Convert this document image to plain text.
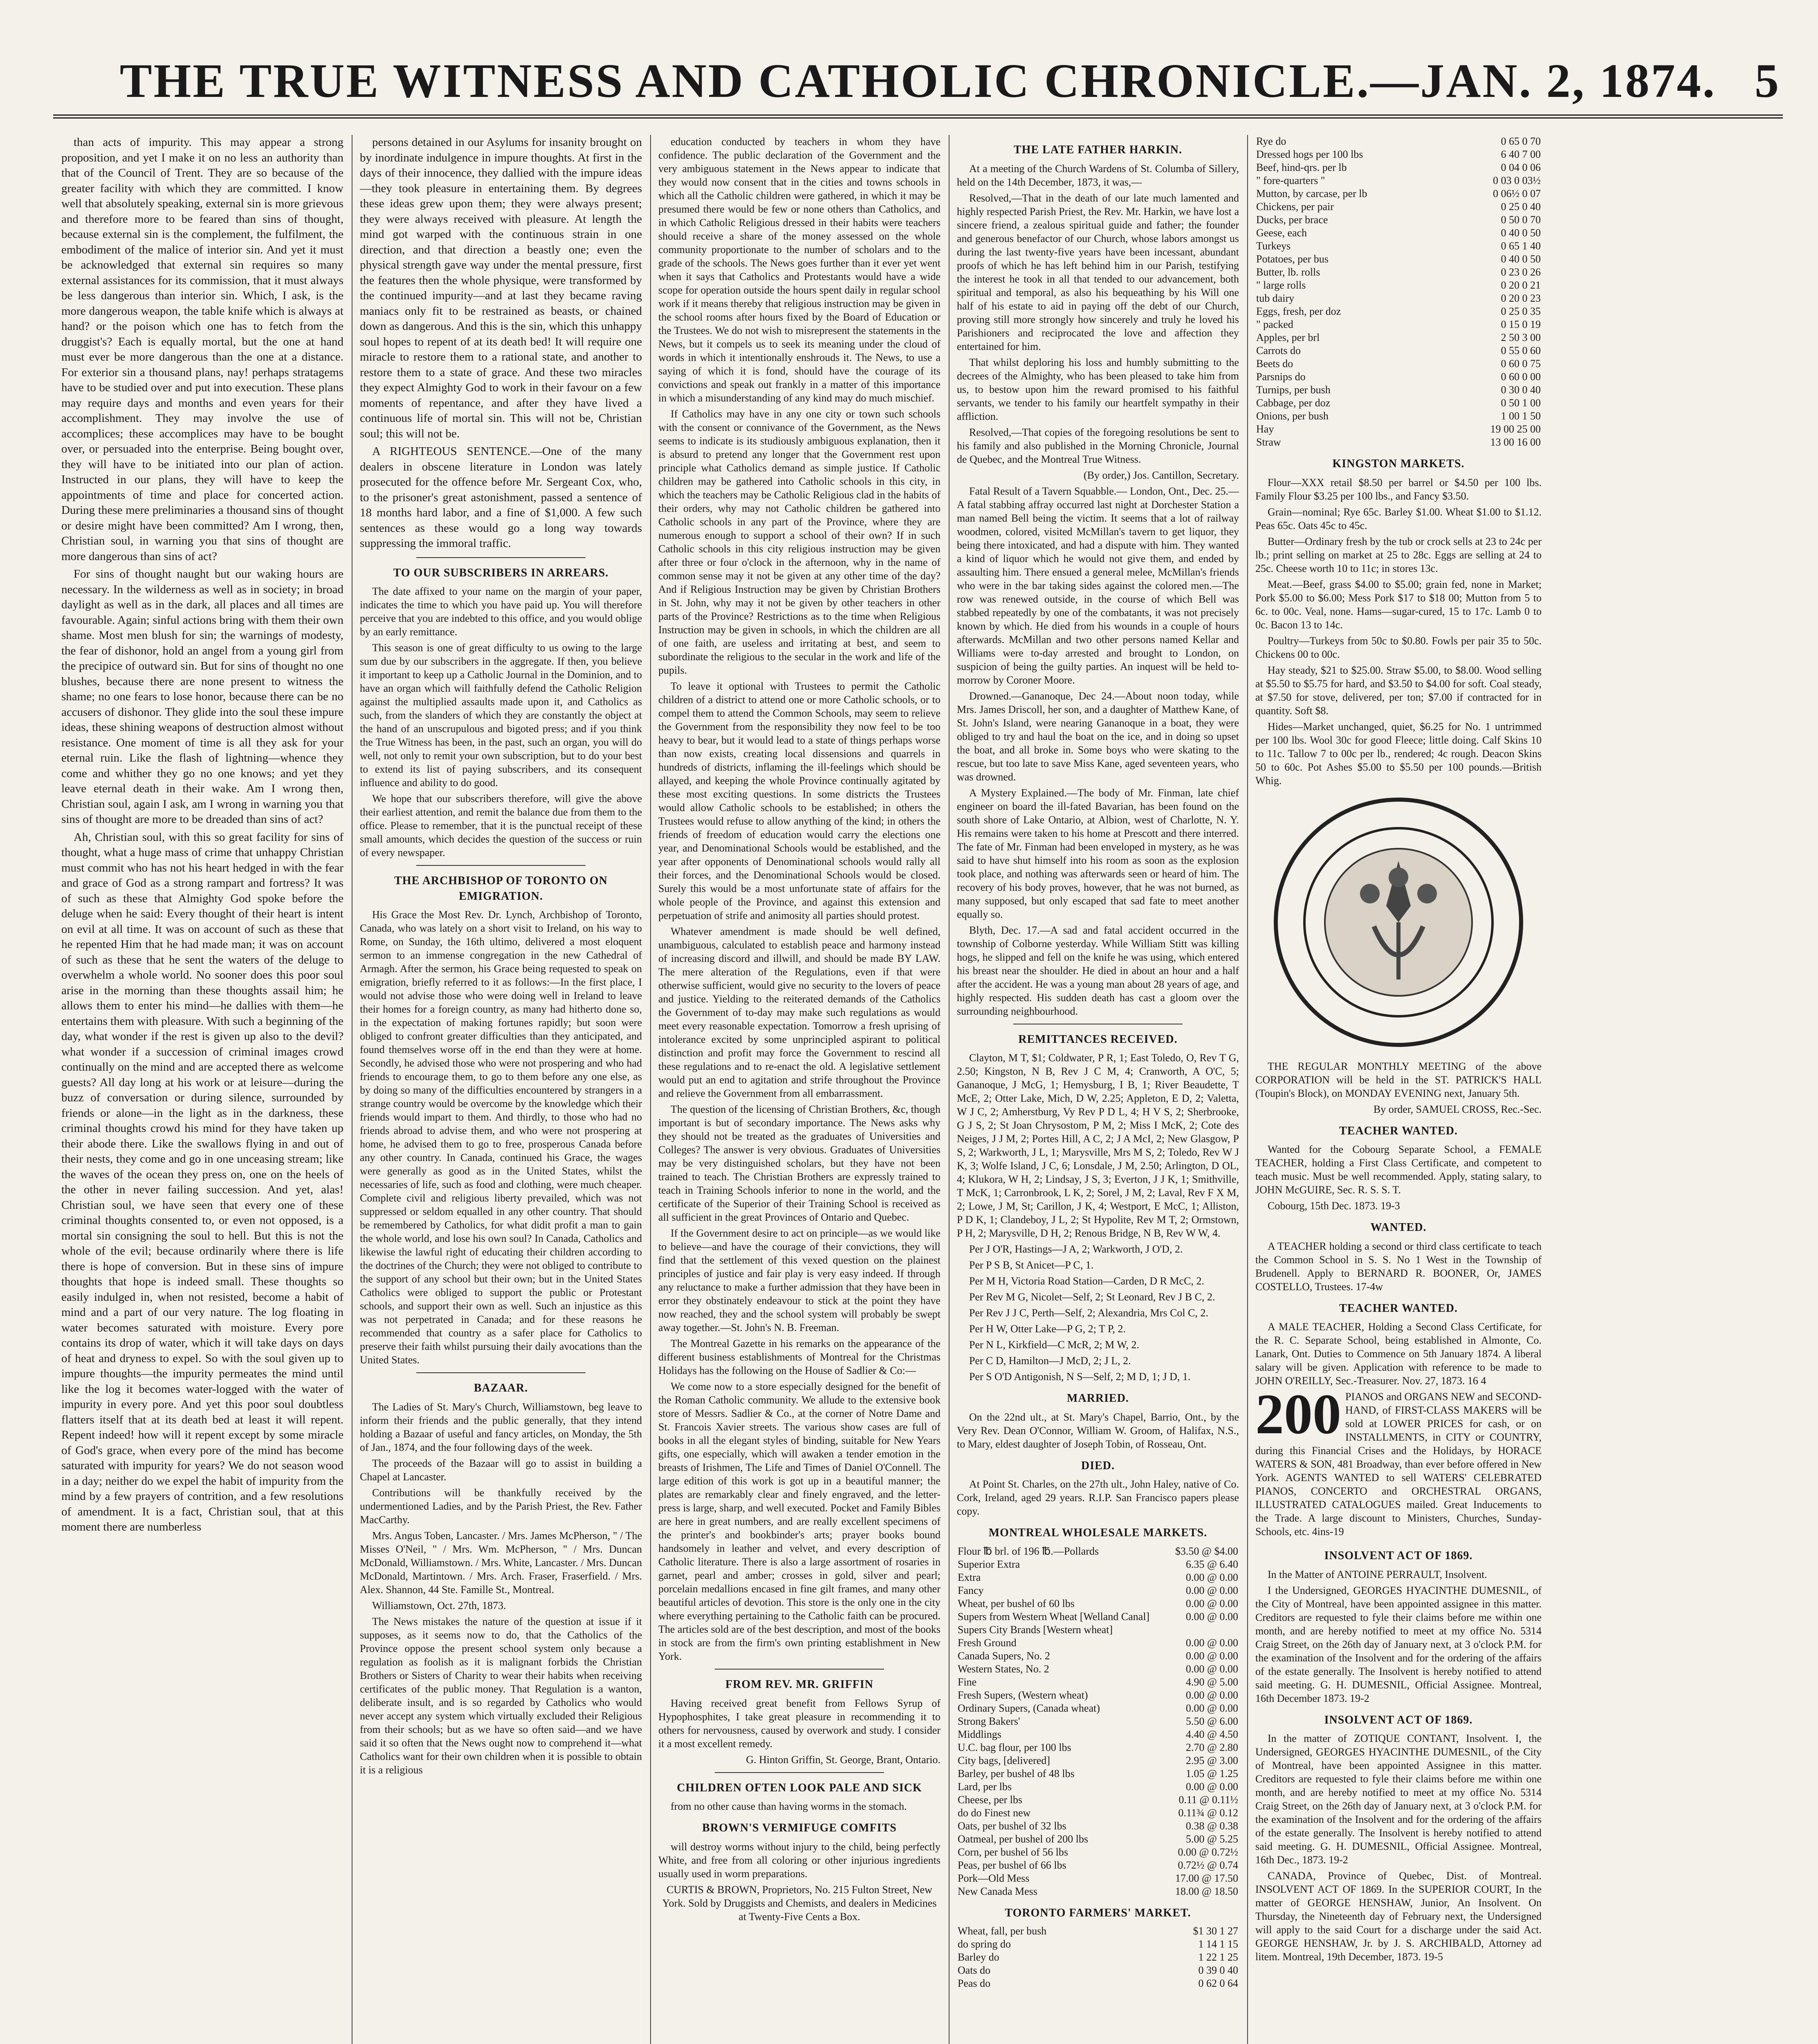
THE TRUE WITNESS AND CATHOLIC CHRONICLE.—JAN. 2, 1874. 5

than acts of impurity. This may appear a strong proposition, and yet I make it on no less an authority than that of the Council of Trent. They are so because of the greater facility with which they are committed. I know well that absolutely speaking, external sin is more grievous and therefore more to be feared than sins of thought, because external sin is the complement, the fulfilment, the embodiment of the malice of interior sin. And yet it must be acknowledged that external sin requires so many external assistances for its commission, that it must always be less dangerous than interior sin. Which, I ask, is the more dangerous weapon, the table knife which is always at hand? or the poison which one has to fetch from the druggist's? Each is equally mortal, but the one at hand must ever be more dangerous than the one at a distance. For exterior sin a thousand plans, nay! perhaps stratagems have to be studied over and put into execution. These plans may require days and months and even years for their accomplishment. They may involve the use of accomplices; these accomplices may have to be bought over, or persuaded into the enterprise. Being bought over, they will have to be initiated into our plan of action. Instructed in our plans, they will have to keep the appointments of time and place for concerted action. During these mere preliminaries a thousand sins of thought or desire might have been committed? Am I wrong, then, Christian soul, in warning you that sins of thought are more dangerous than sins of act?

For sins of thought naught but our waking hours are necessary. In the wilderness as well as in society; in broad daylight as well as in the dark, all places and all times are favourable. Again; sinful actions bring with them their own shame. Most men blush for sin; the warnings of modesty, the fear of dishonor, hold an angel from a young girl from the precipice of outward sin. But for sins of thought no one blushes, because there are none present to witness the shame; no one fears to lose honor, because there can be no accusers of dishonor. They glide into the soul these impure ideas, these shining weapons of destruction almost without resistance. One moment of time is all they ask for your eternal ruin. Like the flash of lightning—whence they come and whither they go no one knows; and yet they leave eternal death in their wake. Am I wrong then, Christian soul, again I ask, am I wrong in warning you that sins of thought are more to be dreaded than sins of act?

Ah, Christian soul, with this so great facility for sins of thought, what a huge mass of crime that unhappy Christian must commit who has not his heart hedged in with the fear and grace of God as a strong rampart and fortress? It was of such as these that Almighty God spoke before the deluge when he said: Every thought of their heart is intent on evil at all time. It was on account of such as these that he repented Him that he had made man; it was on account of such as these that he sent the waters of the deluge to overwhelm a whole world. No sooner does this poor soul arise in the morning than these thoughts assail him; he allows them to enter his mind—he dallies with them—he entertains them with pleasure. With such a beginning of the day, what wonder if the rest is given up also to the devil? what wonder if a succession of criminal images crowd continually on the mind and are accepted there as welcome guests? All day long at his work or at leisure—during the buzz of conversation or during silence, surrounded by friends or alone—in the light as in the darkness, these criminal thoughts crowd his mind for they have taken up their abode there. Like the swallows flying in and out of their nests, they come and go in one unceasing stream; like the waves of the ocean they press on, one on the heels of the other in never failing succession. And yet, alas! Christian soul, we have seen that every one of these criminal thoughts consented to, or even not opposed, is a mortal sin consigning the soul to hell. But this is not the whole of the evil; because ordinarily where there is life there is hope of conversion. But in these sins of impure thoughts that hope is indeed small. These thoughts so easily indulged in, when not resisted, become a habit of mind and a part of our very nature. The log floating in water becomes saturated with moisture. Every pore contains its drop of water, which it will take days on days of heat and dryness to expel. So with the soul given up to impure thoughts—the impurity permeates the mind until like the log it becomes water-logged with the water of impurity in every pore. And yet this poor soul doubtless flatters itself that at its death bed at least it will repent. Repent indeed! how will it repent except by some miracle of God's grace, when every pore of the mind has become saturated with impurity for years? We do not season wood in a day; neither do we expel the habit of impurity from the mind by a few prayers of contrition, and a few resolutions of amendment. It is a fact, Christian soul, that at this moment there are numberless

persons detained in our Asylums for insanity brought on by inordinate indulgence in impure thoughts. At first in the days of their innocence, they dallied with the impure ideas—they took pleasure in entertaining them. By degrees these ideas grew upon them; they were always present; they were always received with pleasure. At length the mind got warped with the continuous strain in one direction, and that direction a beastly one; even the physical strength gave way under the mental pressure, first the features then the whole physique, were transformed by the continued impurity—and at last they became raving maniacs only fit to be restrained as beasts, or chained down as dangerous. And this is the sin, which this unhappy soul hopes to repent of at its death bed! It will require one miracle to restore them to a rational state, and another to restore them to a state of grace. And these two miracles they expect Almighty God to work in their favour on a few moments of repentance, and after they have lived a continuous life of mortal sin. This will not be, Christian soul; this will not be.

A RIGHTEOUS SENTENCE.—One of the many dealers in obscene literature in London was lately prosecuted for the offence before Mr. Sergeant Cox, who, to the prisoner's great astonishment, passed a sentence of 18 months hard labor, and a fine of $1,000. A few such sentences as these would go a long way towards suppressing the immoral traffic.

TO OUR SUBSCRIBERS IN ARREARS.

The date affixed to your name on the margin of your paper, indicates the time to which you have paid up. You will therefore perceive that you are indebted to this office, and you would oblige by an early remittance.

This season is one of great difficulty to us owing to the large sum due by our subscribers in the aggregate. If then, you believe it important to keep up a Catholic Journal in the Dominion, and to have an organ which will faithfully defend the Catholic Religion against the multiplied assaults made upon it, and Catholics as such, from the slanders of which they are constantly the object at the hand of an unscrupulous and bigoted press; and if you think the True Witness has been, in the past, such an organ, you will do well, not only to remit your own subscription, but to do your best to extend its list of paying subscribers, and its consequent influence and ability to do good.

We hope that our subscribers therefore, will give the above their earliest attention, and remit the balance due from them to the office. Please to remember, that it is the punctual receipt of these small amounts, which decides the question of the success or ruin of every newspaper.

THE ARCHBISHOP OF TORONTO ON EMIGRATION.

His Grace the Most Rev. Dr. Lynch, Archbishop of Toronto, Canada, who was lately on a short visit to Ireland, on his way to Rome, on Sunday, the 16th ultimo, delivered a most eloquent sermon to an immense congregation in the new Cathedral of Armagh. After the sermon, his Grace being requested to speak on emigration, briefly referred to it as follows:—In the first place, I would not advise those who were doing well in Ireland to leave their homes for a foreign country, as many had hitherto done so, in the expectation of making fortunes rapidly; but soon were obliged to confront greater difficulties than they anticipated, and found themselves worse off in the end than they were at home. Secondly, he advised those who were not prospering and who had friends to encourage them, to go to them before any one else, as by doing so many of the difficulties encountered by strangers in a strange country would be overcome by the knowledge which their friends would impart to them. And thirdly, to those who had no friends abroad to advise them, and who were not prospering at home, he advised them to go to free, prosperous Canada before any other country. In Canada, continued his Grace, the wages were generally as good as in the United States, whilst the necessaries of life, such as food and clothing, were much cheaper. Complete civil and religious liberty prevailed, which was not suppressed or seldom equalled in any other country. That should be remembered by Catholics, for what didit profit a man to gain the whole world, and lose his own soul? In Canada, Catholics and likewise the lawful right of educating their children according to the doctrines of the Church; they were not obliged to contribute to the support of any school but their own; but in the United States Catholics were obliged to support the public or Protestant schools, and support their own as well. Such an injustice as this was not perpetrated in Canada; and for these reasons he recommended that country as a safer place for Catholics to preserve their faith whilst pursuing their daily avocations than the United States.

BAZAAR.

The Ladies of St. Mary's Church, Williamstown, beg leave to inform their friends and the public generally, that they intend holding a Bazaar of useful and fancy articles, on Monday, the 5th of Jan., 1874, and the four following days of the week.

The proceeds of the Bazaar will go to assist in building a Chapel at Lancaster.

Contributions will be thankfully received by the undermentioned Ladies, and by the Parish Priest, the Rev. Father MacCarthy.

Mrs. Angus Toben, Lancaster. / Mrs. James McPherson, " / The Misses O'Neil, " / Mrs. Wm. McPherson, " / Mrs. Duncan McDonald, Williamstown. / Mrs. White, Lancaster. / Mrs. Duncan McDonald, Martintown. / Mrs. Arch. Fraser, Fraserfield. / Mrs. Alex. Shannon, 44 Ste. Famille St., Montreal.

Williamstown, Oct. 27th, 1873.

The News mistakes the nature of the question at issue if it supposes, as it seems now to do, that the Catholics of the Province oppose the present school system only because a regulation as foolish as it is malignant forbids the Christian Brothers or Sisters of Charity to wear their habits when receiving certificates of the public money. That Regulation is a wanton, deliberate insult, and is so regarded by Catholics who would never accept any system which virtually excluded their Religious from their schools; but as we have so often said—and we have said it so often that the News ought now to comprehend it—what Catholics want for their own children when it is possible to obtain it is a religious

education conducted by teachers in whom they have confidence. The public declaration of the Government and the very ambiguous statement in the News appear to indicate that they would now consent that in the cities and towns schools in which all the Catholic children were gathered, in which it may be presumed there would be few or none others than Catholics, and in which Catholic Religious dressed in their habits were teachers should receive a share of the money assessed on the whole community proportionate to the number of scholars and to the grade of the schools. The News goes further than it ever yet went when it says that Catholics and Protestants would have a wide scope for operation outside the hours spent daily in regular school work if it means thereby that religious instruction may be given in the school rooms after hours fixed by the Board of Education or the Trustees. We do not wish to misrepresent the statements in the News, but it compels us to seek its meaning under the cloud of words in which it intentionally enshrouds it. The News, to use a saying of which it is fond, should have the courage of its convictions and speak out frankly in a matter of this importance in which a misunderstanding of any kind may do much mischief.

If Catholics may have in any one city or town such schools with the consent or connivance of the Government, as the News seems to indicate is its studiously ambiguous explanation, then it is absurd to pretend any longer that the Government rest upon principle what Catholics demand as simple justice. If Catholic children may be gathered into Catholic schools in this city, in which the teachers may be Catholic Religious clad in the habits of their orders, why may not Catholic children be gathered into Catholic schools in any part of the Province, where they are numerous enough to support a school of their own? If in such Catholic schools in this city religious instruction may be given after three or four o'clock in the afternoon, why in the name of common sense may it not be given at any other time of the day? And if Religious Instruction may be given by Christian Brothers in St. John, why may it not be given by other teachers in other parts of the Province? Restrictions as to the time when Religious Instruction may be given in schools, in which the children are all of one faith, are useless and irritating at best, and seem to subordinate the religious to the secular in the work and life of the pupils.

To leave it optional with Trustees to permit the Catholic children of a district to attend one or more Catholic schools, or to compel them to attend the Common Schools, may seem to relieve the Government from the responsibility they now feel to be too heavy to bear, but it would lead to a state of things perhaps worse than now exists, creating local dissensions and quarrels in hundreds of districts, inflaming the ill-feelings which should be allayed, and keeping the whole Province continually agitated by these most exciting questions. In some districts the Trustees would allow Catholic schools to be established; in others the Trustees would refuse to allow anything of the kind; in others the friends of freedom of education would carry the elections one year, and Denominational Schools would be established, and the year after opponents of Denominational schools would rally all their forces, and the Denominational Schools would be closed. Surely this would be a most unfortunate state of affairs for the whole people of the Province, and against this extension and perpetuation of strife and animosity all parties should protest.

Whatever amendment is made should be well defined, unambiguous, calculated to establish peace and harmony instead of increasing discord and illwill, and should be made BY LAW. The mere alteration of the Regulations, even if that were otherwise sufficient, would give no security to the lovers of peace and justice. Yielding to the reiterated demands of the Catholics the Government of to-day may make such regulations as would meet every reasonable expectation. Tomorrow a fresh uprising of intolerance excited by some unprincipled aspirant to political distinction and profit may force the Government to rescind all these regulations and to re-enact the old. A legislative settlement would put an end to agitation and strife throughout the Province and relieve the Government from all embarrassment.

The question of the licensing of Christian Brothers, &c, though important is but of secondary importance. The News asks why they should not be treated as the graduates of Universities and Colleges? The answer is very obvious. Graduates of Universities may be very distinguished scholars, but they have not been trained to teach. The Christian Brothers are expressly trained to teach in Training Schools inferior to none in the world, and the certificate of the Superior of their Training School is received as all sufficient in the great Provinces of Ontario and Quebec.

If the Government desire to act on principle—as we would like to believe—and have the courage of their convictions, they will find that the settlement of this vexed question on the plainest principles of justice and fair play is very easy indeed. If through any reluctance to make a further admission that they have been in error they obstinately endeavour to stick at the point they have now reached, they and the school system will probably be swept away together.—St. John's N. B. Freeman.

The Montreal Gazette in his remarks on the appearance of the different business establishments of Montreal for the Christmas Holidays has the following on the House of Sadlier & Co:—

We come now to a store especially designed for the benefit of the Roman Catholic community. We allude to the extensive book store of Messrs. Sadlier & Co., at the corner of Notre Dame and St. Francois Xavier streets. The various show cases are full of books in all the elegant styles of binding, suitable for New Years gifts, one especially, which will awaken a tender emotion in the breasts of Irishmen, The Life and Times of Daniel O'Connell. The large edition of this work is got up in a beautiful manner; the plates are remarkably clear and finely engraved, and the letter-press is large, sharp, and well executed. Pocket and Family Bibles are here in great numbers, and are really excellent specimens of the printer's and bookbinder's arts; prayer books bound handsomely in leather and velvet, and every description of Catholic literature. There is also a large assortment of rosaries in garnet, pearl and amber; crosses in gold, silver and pearl; porcelain medallions encased in fine gilt frames, and many other beautiful articles of devotion. This store is the only one in the city where everything pertaining to the Catholic faith can be procured. The articles sold are of the best description, and most of the books in stock are from the firm's own printing establishment in New York.

FROM REV. MR. GRIFFIN

Having received great benefit from Fellows Syrup of Hypophosphites, I take great pleasure in recommending it to others for nervousness, caused by overwork and study. I consider it a most excellent remedy.

G. Hinton Griffin, St. George, Brant, Ontario.

CHILDREN OFTEN LOOK PALE AND SICK

from no other cause than having worms in the stomach.

BROWN'S VERMIFUGE COMFITS

will destroy worms without injury to the child, being perfectly White, and free from all coloring or other injurious ingredients usually used in worm preparations.

CURTIS & BROWN, Proprietors, No. 215 Fulton Street, New York. Sold by Druggists and Chemists, and dealers in Medicines at Twenty-Five Cents a Box.

THE LATE FATHER HARKIN.

At a meeting of the Church Wardens of St. Columba of Sillery, held on the 14th December, 1873, it was,—

Resolved,—That in the death of our late much lamented and highly respected Parish Priest, the Rev. Mr. Harkin, we have lost a sincere friend, a zealous spiritual guide and father; the founder and generous benefactor of our Church, whose labors amongst us during the last twenty-five years have been incessant, abundant proofs of which he has left behind him in our Parish, testifying the interest he took in all that tended to our advancement, both spiritual and temporal, as also his bequeathing by his Will one half of his estate to aid in paying off the debt of our Church, proving still more strongly how sincerely and truly he loved his Parishioners and reciprocated the love and affection they entertained for him.

That whilst deploring his loss and humbly submitting to the decrees of the Almighty, who has been pleased to take him from us, to bestow upon him the reward promised to his faithful servants, we tender to his family our heartfelt sympathy in their affliction.

Resolved,—That copies of the foregoing resolutions be sent to his family and also published in the Morning Chronicle, Journal de Quebec, and the Montreal True Witness.

(By order,) Jos. Cantillon, Secretary.

Fatal Result of a Tavern Squabble.— London, Ont., Dec. 25.—A fatal stabbing affray occurred last night at Dorchester Station a man named Bell being the victim. It seems that a lot of railway woodmen, colored, visited McMillan's tavern to get liquor, they being there intoxicated, and had a dispute with him. They wanted a kind of liquor which he would not give them, and ended by assaulting him. There ensued a general melee, McMillan's friends who were in the bar taking sides against the colored men.—The row was renewed outside, in the course of which Bell was stabbed repeatedly by one of the combatants, it was not precisely known by which. He died from his wounds in a couple of hours afterwards. McMillan and two other persons named Kellar and Williams were to-day arrested and brought to London, on suspicion of being the guilty parties. An inquest will be held to-morrow by Coroner Moore.

Drowned.—Gananoque, Dec 24.—About noon today, while Mrs. James Driscoll, her son, and a daughter of Matthew Kane, of St. John's Island, were nearing Gananoque in a boat, they were obliged to try and haul the boat on the ice, and in doing so upset the boat, and all broke in. Some boys who were skating to the rescue, but too late to save Miss Kane, aged seventeen years, who was drowned.

A Mystery Explained.—The body of Mr. Finman, late chief engineer on board the ill-fated Bavarian, has been found on the south shore of Lake Ontario, at Albion, west of Charlotte, N. Y. His remains were taken to his home at Prescott and there interred. The fate of Mr. Finman had been enveloped in mystery, as he was said to have shut himself into his room as soon as the explosion took place, and nothing was afterwards seen or heard of him. The recovery of his body proves, however, that he was not burned, as many supposed, but only escaped that sad fate to meet another equally so.

Blyth, Dec. 17.—A sad and fatal accident occurred in the township of Colborne yesterday. While William Stitt was killing hogs, he slipped and fell on the knife he was using, which entered his breast near the shoulder. He died in about an hour and a half after the accident. He was a young man about 28 years of age, and highly respected. His sudden death has cast a gloom over the surrounding neighbourhood.

REMITTANCES RECEIVED.

Clayton, M T, $1; Coldwater, P R, 1; East Toledo, O, Rev T G, 2.50; Kingston, N B, Rev J C M, 4; Cranworth, A O'C, 5; Gananoque, J McG, 1; Hemysburg, I B, 1; River Beaudette, T McE, 2; Otter Lake, Mich, D W, 2.25; Appleton, E D, 2; Valetta, W J C, 2; Amherstburg, Vy Rev P D L, 4; H V S, 2; Sherbrooke, G J S, 2; St Joan Chrysostom, P M, 2; Miss I McK, 2; Cote des Neiges, J J M, 2; Portes Hill, A C, 2; J A McI, 2; New Glasgow, P S, 2; Warkworth, J L, 1; Marysville, Mrs M S, 2; Toledo, Rev W J K, 3; Wolfe Island, J C, 6; Lonsdale, J M, 2.50; Arlington, D OL, 4; Klukora, W H, 2; Lindsay, J S, 3; Everton, J J K, 1; Smithville, T McK, 1; Carronbrook, L K, 2; Sorel, J M, 2; Laval, Rev F X M, 2; Lowe, J M, St; Carillon, J K, 4; Westport, E McC, 1; Alliston, P D K, 1; Clandeboy, J L, 2; St Hypolite, Rev M T, 2; Ormstown, P H, 2; Marysville, D H, 2; Renous Bridge, N B, Rev W W, 4.

Per J O'R, Hastings—J A, 2; Warkworth, J O'D, 2.

Per P S B, St Anicet—P C, 1.

Per M H, Victoria Road Station—Carden, D R McC, 2.

Per Rev M G, Nicolet—Self, 2; St Leonard, Rev J B C, 2.

Per Rev J J C, Perth—Self, 2; Alexandria, Mrs Col C, 2.

Per H W, Otter Lake—P G, 2; T P, 2.

Per N L, Kirkfield—C McR, 2; M W, 2.

Per C D, Hamilton—J McD, 2; J L, 2.

Per S O'D Antigonish, N S—Self, 2; M D, 1; J D, 1.

MARRIED.

On the 22nd ult., at St. Mary's Chapel, Barrio, Ont., by the Very Rev. Dean O'Connor, William W. Groom, of Halifax, N.S., to Mary, eldest daughter of Joseph Tobin, of Rosseau, Ont.

DIED.

At Point St. Charles, on the 27th ult., John Haley, native of Co. Cork, Ireland, aged 29 years. R.I.P. San Francisco papers please copy.

MONTREAL WHOLESALE MARKETS.
Flour ℔ brl. of 196 ℔.—Pollards	$3.50 @ $4.00
Superior Extra	6.35 @ 6.40
Extra	0.00 @ 0.00
Fancy	0.00 @ 0.00
Wheat, per bushel of 60 lbs	0.00 @ 0.00
Supers from Western Wheat [Welland Canal]	0.00 @ 0.00
Supers City Brands [Western wheat]	
Fresh Ground	0.00 @ 0.00
Canada Supers, No. 2	0.00 @ 0.00
Western States, No. 2	0.00 @ 0.00
Fine	4.90 @ 5.00
Fresh Supers, (Western wheat)	0.00 @ 0.00
Ordinary Supers, (Canada wheat)	0.00 @ 0.00
Strong Bakers'	5.50 @ 6.00
Middlings	4.40 @ 4.50
U.C. bag flour, per 100 lbs	2.70 @ 2.80
City bags, [delivered]	2.95 @ 3.00
Barley, per bushel of 48 lbs	1.05 @ 1.25
Lard, per lbs	0.00 @ 0.00
Cheese, per lbs	0.11 @ 0.11½
do do Finest new	0.11¾ @ 0.12
Oats, per bushel of 32 lbs	0.38 @ 0.38
Oatmeal, per bushel of 200 lbs	5.00 @ 5.25
Corn, per bushel of 56 lbs	0.00 @ 0.72½
Peas, per bushel of 66 lbs	0.72½ @ 0.74
Pork—Old Mess	17.00 @ 17.50
New Canada Mess	18.00 @ 18.50
TORONTO FARMERS' MARKET.
Wheat, fall, per bush	$1 30 1 27
do spring do	1 14 1 15
Barley do	1 22 1 25
Oats do	0 39 0 40
Peas do	0 62 0 64
Rye do	0 65 0 70
Dressed hogs per 100 lbs	6 40 7 00
Beef, hind-qrs. per lb	0 04 0 06
" fore-quarters "	0 03 0 03½
Mutton, by carcase, per lb	0 06½ 0 07
Chickens, per pair	0 25 0 40
Ducks, per brace	0 50 0 70
Geese, each	0 40 0 50
Turkeys	0 65 1 40
Potatoes, per bus	0 40 0 50
Butter, lb. rolls	0 23 0 26
" large rolls	0 20 0 21
tub dairy	0 20 0 23
Eggs, fresh, per doz	0 25 0 35
" packed	0 15 0 19
Apples, per brl	2 50 3 00
Carrots do	0 55 0 60
Beets do	0 60 0 75
Parsnips do	0 60 0 00
Turnips, per bush	0 30 0 40
Cabbage, per doz	0 50 1 00
Onions, per bush	1 00 1 50
Hay	19 00 25 00
Straw	13 00 16 00
KINGSTON MARKETS.

Flour—XXX retail $8.50 per barrel or $4.50 per 100 lbs. Family Flour $3.25 per 100 lbs., and Fancy $3.50.

Grain—nominal; Rye 65c. Barley $1.00. Wheat $1.00 to $1.12. Peas 65c. Oats 45c to 45c.

Butter—Ordinary fresh by the tub or crock sells at 23 to 24c per lb.; print selling on market at 25 to 28c. Eggs are selling at 24 to 25c. Cheese worth 10 to 11c; in stores 13c.

Meat.—Beef, grass $4.00 to $5.00; grain fed, none in Market; Pork $5.00 to $6.00; Mess Pork $17 to $18 00; Mutton from 5 to 6c. to 00c. Veal, none. Hams—sugar-cured, 15 to 17c. Lamb 0 to 0c. Bacon 13 to 14c.

Poultry—Turkeys from 50c to $0.80. Fowls per pair 35 to 50c. Chickens 00 to 00c.

Hay steady, $21 to $25.00. Straw $5.00, to $8.00. Wood selling at $5.50 to $5.75 for hard, and $3.50 to $4.00 for soft. Coal steady, at $7.50 for stove, delivered, per ton; $7.00 if contracted for in quantity. Soft $8.

Hides—Market unchanged, quiet, $6.25 for No. 1 untrimmed per 100 lbs. Wool 30c for good Fleece; little doing. Calf Skins 10 to 11c. Tallow 7 to 00c per lb., rendered; 4c rough. Deacon Skins 50 to 60c. Pot Ashes $5.00 to $5.50 per 100 pounds.—British Whig.

THE REGULAR MONTHLY MEETING of the above CORPORATION will be held in the ST. PATRICK'S HALL (Toupin's Block), on MONDAY EVENING next, January 5th.

By order, SAMUEL CROSS, Rec.-Sec.

TEACHER WANTED.

Wanted for the Cobourg Separate School, a FEMALE TEACHER, holding a First Class Certificate, and competent to teach music. Must be well recommended. Apply, stating salary, to JOHN McGUIRE, Sec. R. S. S. T.

Cobourg, 15th Dec. 1873. 19-3

WANTED.

A TEACHER holding a second or third class certificate to teach the Common School in S. S. No 1 West in the Township of Brudenell. Apply to BERNARD R. BOONER, Or, JAMES COSTELLO, Trustees. 17-4w

TEACHER WANTED.

A MALE TEACHER, Holding a Second Class Certificate, for the R. C. Separate School, being established in Almonte, Co. Lanark, Ont. Duties to Commence on 5th January 1874. A liberal salary will be given. Application with reference to be made to JOHN O'REILLY, Sec.-Treasurer. Nov. 27, 1873. 16 4

200 PIANOS and ORGANS NEW and SECOND-HAND, of FIRST-CLASS MAKERS will be sold at LOWER PRICES for cash, or on INSTALLMENTS, in CITY or COUNTRY, during this Financial Crises and the Holidays, by HORACE WATERS & SON, 481 Broadway, than ever before offered in New York. AGENTS WANTED to sell WATERS' CELEBRATED PIANOS, CONCERTO and ORCHESTRAL ORGANS, ILLUSTRATED CATALOGUES mailed. Great Inducements to the Trade. A large discount to Ministers, Churches, Sunday-Schools, etc. 4ins-19

INSOLVENT ACT OF 1869.

In the Matter of ANTOINE PERRAULT, Insolvent.

I the Undersigned, GEORGES HYACINTHE DUMESNIL, of the City of Montreal, have been appointed assignee in this matter. Creditors are requested to fyle their claims before me within one month, and are hereby notified to meet at my office No. 5314 Craig Street, on the 26th day of January next, at 3 o'clock P.M. for the examination of the Insolvent and for the ordering of the affairs of the estate generally. The Insolvent is hereby notified to attend said meeting. G. H. DUMESNIL, Official Assignee. Montreal, 16th December 1873. 19-2

INSOLVENT ACT OF 1869.

In the matter of ZOTIQUE CONTANT, Insolvent. I, the Undersigned, GEORGES HYACINTHE DUMESNIL, of the City of Montreal, have been appointed Assignee in this matter. Creditors are requested to fyle their claims before me within one month, and are hereby notified to meet at my office No. 5314 Craig Street, on the 26th day of January next, at 3 o'clock P.M. for the examination of the Insolvent and for the ordering of the affairs of the estate generally. The Insolvent is hereby notified to attend said meeting. G. H. DUMESNIL, Official Assignee. Montreal, 16th Dec., 1873. 19-2

CANADA, Province of Quebec, Dist. of Montreal. INSOLVENT ACT OF 1869. In the SUPERIOR COURT, In the matter of GEORGE HENSHAW, Junior, An Insolvent. On Thursday, the Nineteenth day of February next, the Undersigned will apply to the said Court for a discharge under the said Act. GEORGE HENSHAW, Jr. by J. S. ARCHIBALD, Attorney ad litem. Montreal, 19th December, 1873. 19-5
